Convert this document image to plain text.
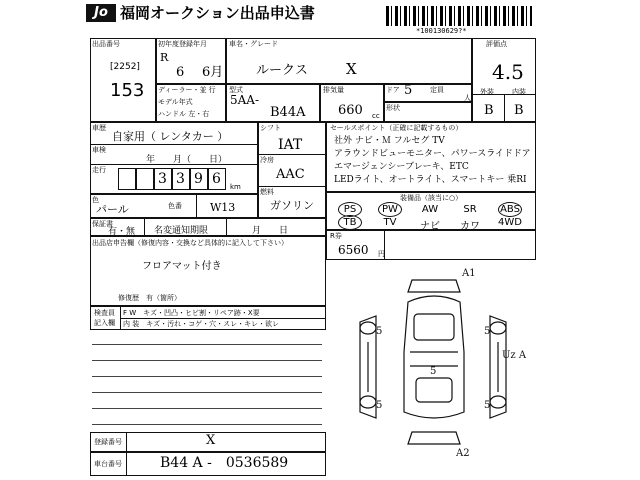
Jo 福岡オークション出品申込書
*100130629?*
出品番号
[2252]
153
初年度登録年月
R
6 6月
車名・グレード
ルークス	X
評価点
4.5
外装	内装
B B
ディーラー・並 行
モデル年式
ハンドル 左・右
型式
5AA-
B44A
排気量
660 cc
ドア 5	定員
人
形状
車歴
自家用（ レンタカー ）
車検
年　　月（　　日）
走行
3 3 9 6 km
色
パール	色番	W13
シフト
IAT
冷房
AAC
燃料
ガソリン
セールスポイント（正確に記載するもの）
社外 ナビ・Ｍ フルセグ TV
アラウンドビューモニター、パワースライドドア
エマージェンシーブレーキ、ETC
LEDライト、オートライト、スマートキー 乗RI
装備品（該当に○）
PS	PW	AW	SR	ABS
TB	TV	ナビ	カワ	4WD
保証書
有・無 名変通知期限	月　　日	R券
6560 円
出品店申告欄（修復内容・交換など具体的に記入して下さい）
フロアマット付き
修復歴 有（箇所）
検査員
記入欄
F W　キズ・凹凸・ヒビ割・リペア跡・X要
内 装　キズ・汚れ・コゲ・穴・スレ・キレ・欲レ
登録番号	X
車台番号	B44 A -　0536589
A1
Uz A
A2
5	5
5	5
5
